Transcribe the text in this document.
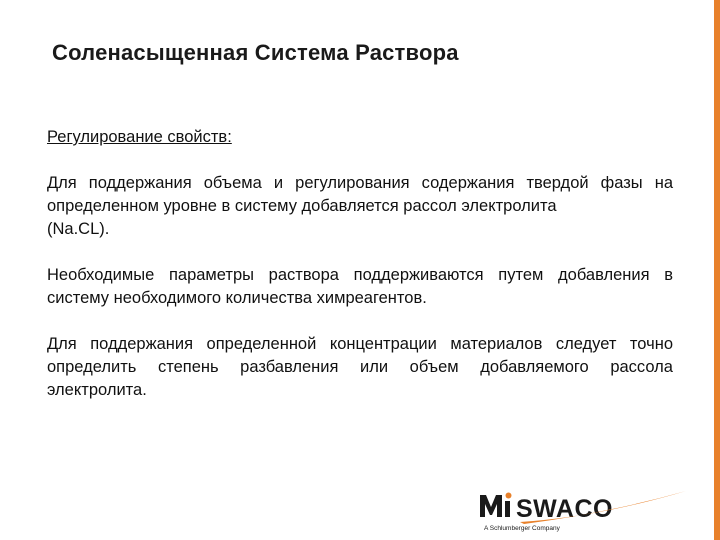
Соленасыщенная Система Раствора

Регулирование свойств:

Для поддержания объема и регулирования содержания твердой фазы на определенном уровне в систему добавляется рассол электролита

(Na.CL).

Необходимые параметры раствора поддерживаются путем добавления в систему необходимого количества химреагентов.

Для поддержания определенной концентрации материалов следует точно определить степень разбавления или объем добавляемого рассола электролита.

SWACO
A Schlumberger Company
